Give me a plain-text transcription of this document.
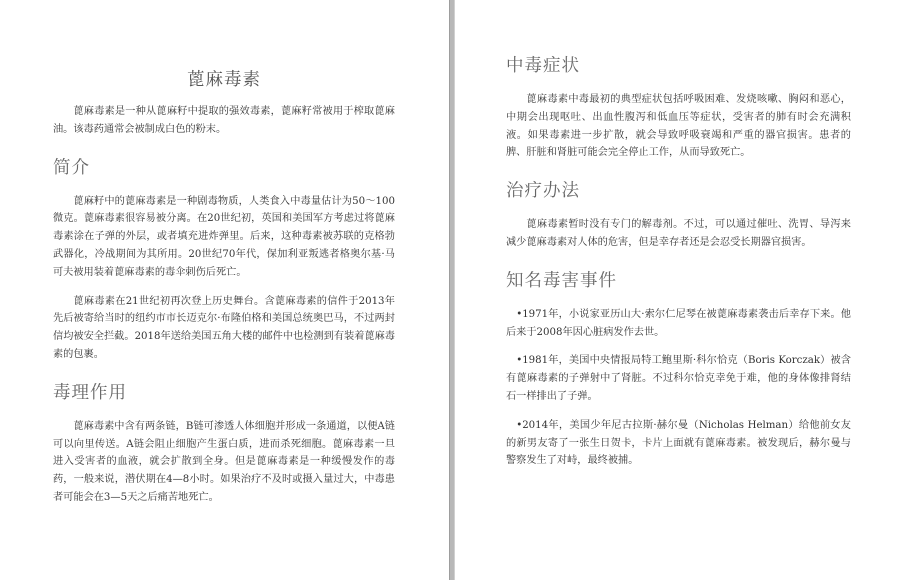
蓖麻毒素

蓖麻毒素是一种从蓖麻籽中提取的强效毒素，蓖麻籽常被用于榨取蓖麻油。该毒药通常会被制成白色的粉末。

简介

蓖麻籽中的蓖麻毒素是一种剧毒物质，人类食入中毒量估计为50～100微克。蓖麻毒素很容易被分离。在20世纪初，英国和美国军方考虑过将蓖麻毒素涂在子弹的外层，或者填充进炸弹里。后来，这种毒素被苏联的克格勃武器化，冷战期间为其所用。20世纪70年代，保加利亚叛逃者格奥尔基·马可夫被用装着蓖麻毒素的毒伞刺伤后死亡。

蓖麻毒素在21世纪初再次登上历史舞台。含蓖麻毒素的信件于2013年先后被寄给当时的纽约市市长迈克尔·布隆伯格和美国总统奥巴马，不过两封信均被安全拦截。2018年送给美国五角大楼的邮件中也检测到有装着蓖麻毒素的包裹。

毒理作用

蓖麻毒素中含有两条链，B链可渗透人体细胞并形成一条通道，以便A链可以向里传送。A链会阻止细胞产生蛋白质，进而杀死细胞。蓖麻毒素一旦进入受害者的血液，就会扩散到全身。但是蓖麻毒素是一种缓慢发作的毒药，一般来说，潜伏期在4—8小时。如果治疗不及时或摄入量过大，中毒患者可能会在3—5天之后痛苦地死亡。

中毒症状

蓖麻毒素中毒最初的典型症状包括呼吸困难、发烧咳嗽、胸闷和恶心，中期会出现呕吐、出血性腹泻和低血压等症状，受害者的肺有时会充满积液。如果毒素进一步扩散，就会导致呼吸衰竭和严重的器官损害。患者的脾、肝脏和肾脏可能会完全停止工作，从而导致死亡。

治疗办法

蓖麻毒素暂时没有专门的解毒剂。不过，可以通过催吐、洗胃、导泻来减少蓖麻毒素对人体的危害，但是幸存者还是会忍受长期器官损害。

知名毒害事件

•1971年，小说家亚历山大·索尔仁尼琴在被蓖麻毒素袭击后幸存下来。他后来于2008年因心脏病发作去世。

•1981年，美国中央情报局特工鲍里斯·科尔恰克（Boris Korczak）被含有蓖麻毒素的子弹射中了肾脏。不过科尔恰克幸免于难，他的身体像排肾结石一样排出了子弹。

•2014年，美国少年尼古拉斯·赫尔曼（Nicholas Helman）给他前女友的新男友寄了一张生日贺卡，卡片上面就有蓖麻毒素。被发现后，赫尔曼与警察发生了对峙，最终被捕。
